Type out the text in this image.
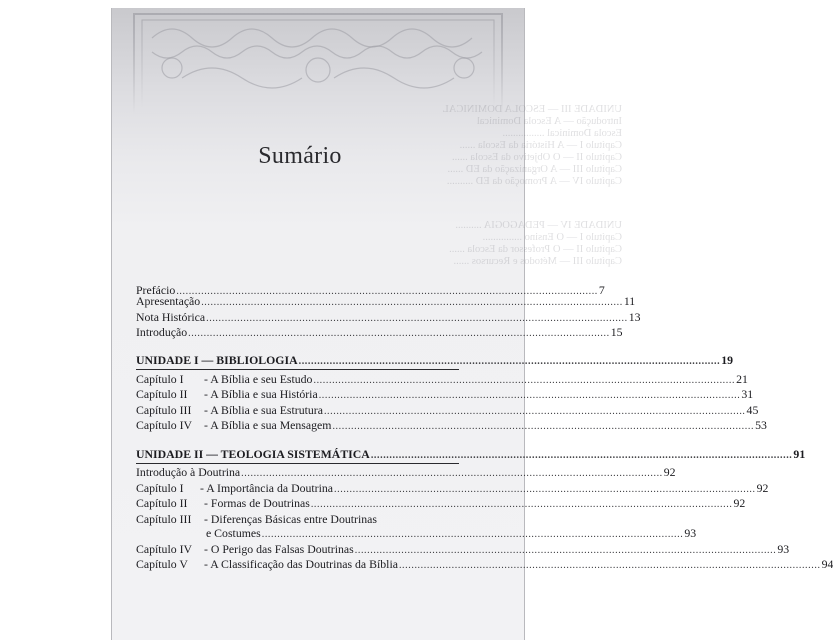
UNIDADE III — ESCOLA DOMINICAL
Introdução — A Escola Dominical
Escola Dominical ................
Capítulo I — A História da Escola ......
Capítulo II — O Objetivo da Escola ......
Capítulo III — A Organização da ED ......
Capítulo IV — A Promoção da ED ..........
UNIDADE IV — PEDAGOGIA ..........
Capítulo I — O Ensino ...............
Capítulo II — O Professor da Escola ......
Capítulo III — Métodos e Recursos ......
Sumário
Prefácio .....	7
Apresentação .....	11
Nota Histórica .....	13
Introdução .....	15
UNIDADE I — BIBLIOLOGIA .....	19
Capítulo I - A Bíblia e seu Estudo .....	21
Capítulo II - A Bíblia e sua História .....	31
Capítulo III - A Bíblia e sua Estrutura .....	45
Capítulo IV - A Bíblia e sua Mensagem .....	53
UNIDADE II — TEOLOGIA SISTEMÁTICA .....	91
Introdução à Doutrina .....	92
Capítulo I - A Importância da Doutrina .....	92
Capítulo II - Formas de Doutrinas .....	92
Capítulo III - Diferenças Básicas entre Doutrinas
e Costumes .....	93
Capítulo IV - O Perigo das Falsas Doutrinas .....	93
Capítulo V - A Classificação das Doutrinas da Bíblia .....	94
